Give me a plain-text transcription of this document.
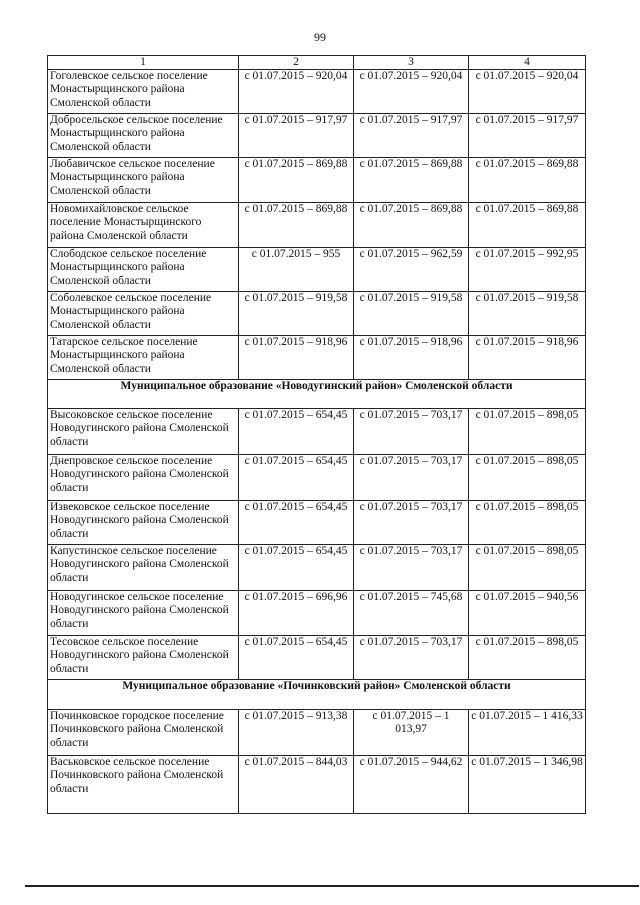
99
1	2	3	4
Гоголевское сельское поселение Монастырщинского района Смоленской области	с 01.07.2015 – 920,04	с 01.07.2015 – 920,04	с 01.07.2015 – 920,04
Добросельское сельское поселение Монастырщинского района Смоленской области	с 01.07.2015 – 917,97	с 01.07.2015 – 917,97	с 01.07.2015 – 917,97
Любавичское сельское поселение Монастырщинского района Смоленской области	с 01.07.2015 – 869,88	с 01.07.2015 – 869,88	с 01.07.2015 – 869,88
Новомихайловское сельское поселение Монастырщинского района Смоленской области	с 01.07.2015 – 869,88	с 01.07.2015 – 869,88	с 01.07.2015 – 869,88
Слободское сельское поселение Монастырщинского района Смоленской области	с 01.07.2015 – 955	с 01.07.2015 – 962,59	с 01.07.2015 – 992,95
Соболевское сельское поселение Монастырщинского района Смоленской области	с 01.07.2015 – 919,58	с 01.07.2015 – 919,58	с 01.07.2015 – 919,58
Татарское сельское поселение Монастырщинского района Смоленской области	с 01.07.2015 – 918,96	с 01.07.2015 – 918,96	с 01.07.2015 – 918,96
Муниципальное образование «Новодугинский район» Смоленской области			
Высоковское сельское поселение Новодугинского района Смоленской области	с 01.07.2015 – 654,45	с 01.07.2015 – 703,17	с 01.07.2015 – 898,05
Днепровское сельское поселение Новодугинского района Смоленской области	с 01.07.2015 – 654,45	с 01.07.2015 – 703,17	с 01.07.2015 – 898,05
Извековское сельское поселение Новодугинского района Смоленской области	с 01.07.2015 – 654,45	с 01.07.2015 – 703,17	с 01.07.2015 – 898,05
Капустинское сельское поселение Новодугинского района Смоленской области	с 01.07.2015 – 654,45	с 01.07.2015 – 703,17	с 01.07.2015 – 898,05
Новодугинское сельское поселение Новодугинского района Смоленской области	с 01.07.2015 – 696,96	с 01.07.2015 – 745,68	с 01.07.2015 – 940,56
Тесовское сельское поселение Новодугинского района Смоленской области	с 01.07.2015 – 654,45	с 01.07.2015 – 703,17	с 01.07.2015 – 898,05
Муниципальное образование «Починковский район» Смоленской области			
Починковское городское поселение Починковского района Смоленской области	с 01.07.2015 – 913,38	с 01.07.2015 – 1 013,97	с 01.07.2015 – 1 416,33
Васьковское сельское поселение Починковского района Смоленской области	с 01.07.2015 – 844,03	с 01.07.2015 – 944,62	с 01.07.2015 – 1 346,98
